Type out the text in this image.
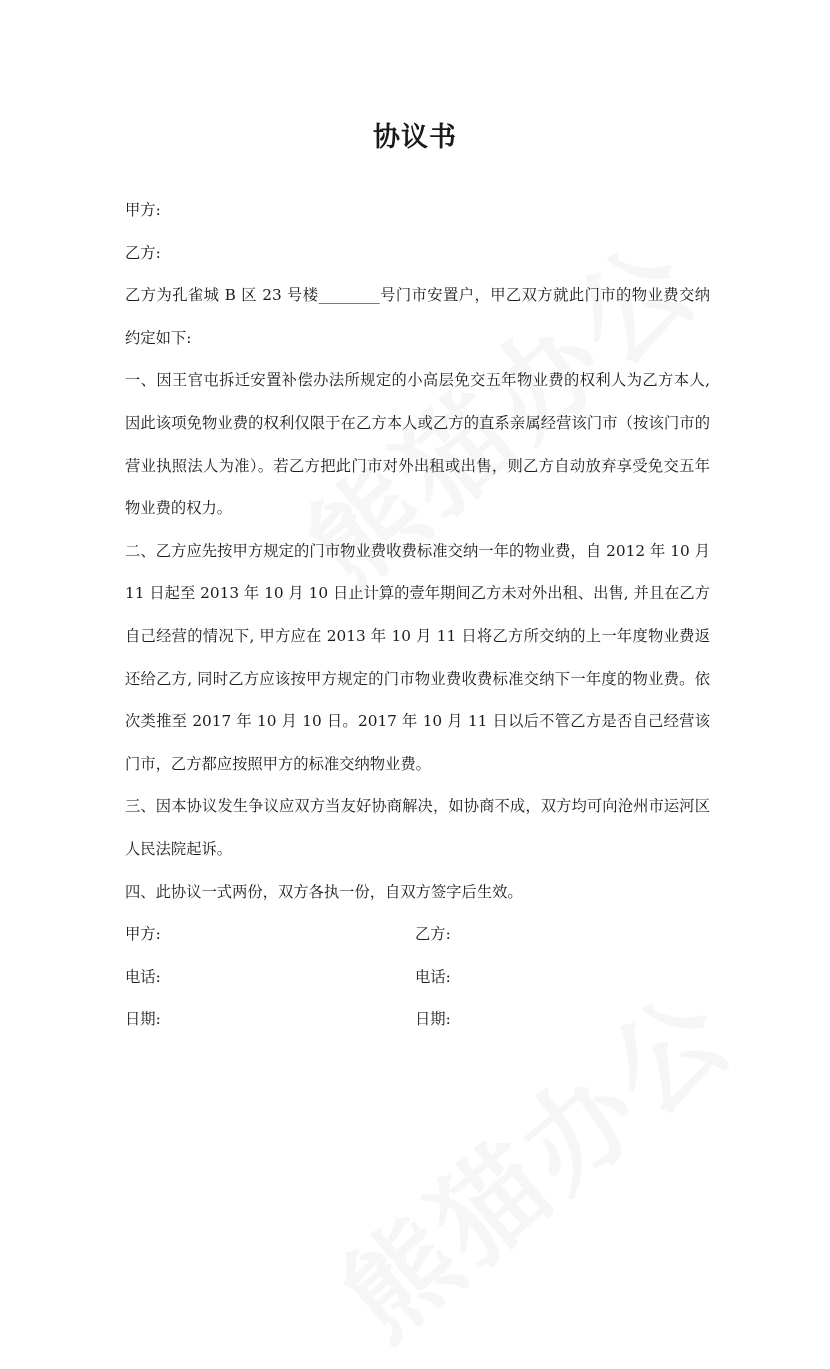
协议书

甲方:

乙方:

乙方为孔雀城 B 区 23 号楼________号门市安置户，甲乙双方就此门市的物业费交纳约定如下:

一、因王官屯拆迁安置补偿办法所规定的小高层免交五年物业费的权利人为乙方本人, 因此该项免物业费的权利仅限于在乙方本人或乙方的直系亲属经营该门市（按该门市的营业执照法人为准）。若乙方把此门市对外出租或出售，则乙方自动放弃享受免交五年物业费的权力。

二、乙方应先按甲方规定的门市物业费收费标准交纳一年的物业费，自 2012 年 10 月 11 日起至 2013 年 10 月 10 日止计算的壹年期间乙方未对外出租、出售, 并且在乙方自己经营的情况下, 甲方应在 2013 年 10 月 11 日将乙方所交纳的上一年度物业费返还给乙方, 同时乙方应该按甲方规定的门市物业费收费标准交纳下一年度的物业费。依次类推至 2017 年 10 月 10 日。2017 年 10 月 11 日以后不管乙方是否自己经营该门市，乙方都应按照甲方的标准交纳物业费。

三、因本协议发生争议应双方当友好协商解决，如协商不成，双方均可向沧州市运河区人民法院起诉。

四、此协议一式两份，双方各执一份，自双方签字后生效。

甲方:	乙方:
电话:	电话:
日期:	日期:
